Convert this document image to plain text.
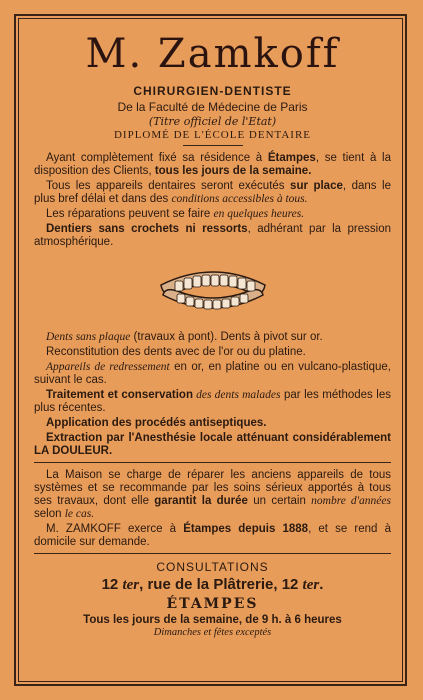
M. Zamkoff
CHIRURGIEN-DENTISTE
De la Faculté de Médecine de Paris
(Titre officiel de l'Etat)
DIPLOMÉ DE L'ÉCOLE DENTAIRE

Ayant complètement fixé sa résidence à Étampes, se tient à la disposition des Clients, tous les jours de la semaine.

Tous les appareils dentaires seront exécutés sur place, dans le plus bref délai et dans des conditions accessibles à tous.

Les réparations peuvent se faire en quelques heures.

Dentiers sans crochets ni ressorts, adhérant par la pression atmosphérique.

Dents sans plaque (travaux à pont). Dents à pivot sur or.

Reconstitution des dents avec de l'or ou du platine.

Appareils de redressement en or, en platine ou en vulcano-plastique, suivant le cas.

Traitement et conservation des dents malades par les méthodes les plus récentes.

Application des procédés antiseptiques.

Extraction par l'Anesthésie locale atténuant considérablement LA DOULEUR.

La Maison se charge de réparer les anciens appareils de tous systèmes et se recommande par les soins sérieux apportés à tous ses travaux, dont elle garantit la durée un certain nombre d'années selon le cas.

M. ZAMKOFF exerce à Étampes depuis 1888, et se rend à domicile sur demande.

CONSULTATIONS
12 ter, rue de la Plâtrerie, 12 ter.
ÉTAMPES
Tous les jours de la semaine, de 9 h. à 6 heures
Dimanches et fêtes exceptés
